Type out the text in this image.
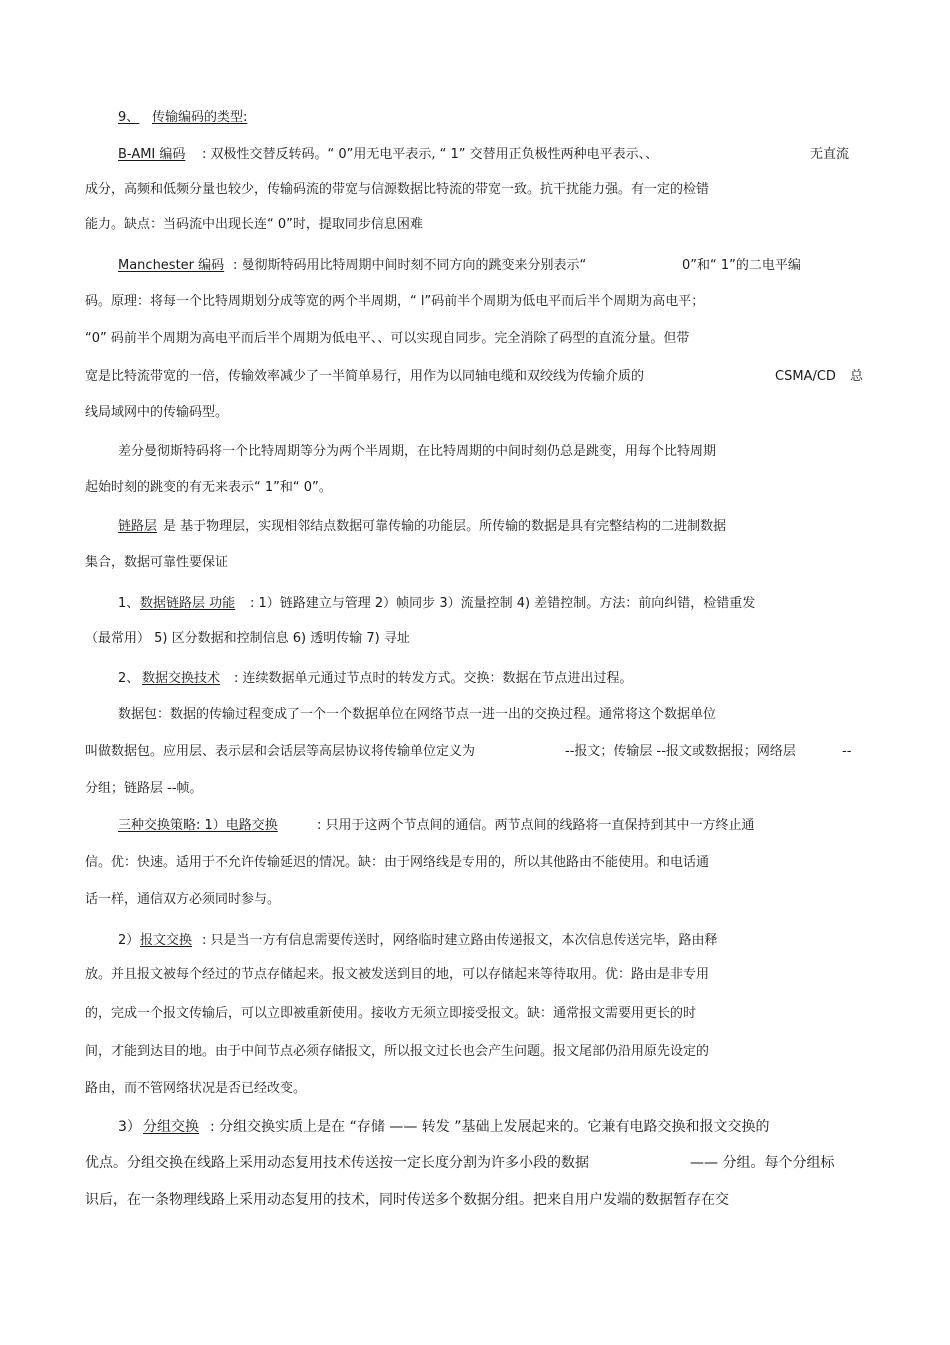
9、 传输编码的类型:
B-AMI 编码 : 双极性交替反转码。“ 0”用无电平表示, “ 1” 交替用正负极性两种电平表示、、	无直流
成分，高频和低频分量也较少，传输码流的带宽与信源数据比特流的带宽一致。抗干扰能力强。有一定的检错
能力。缺点：当码流中出现长连“ 0”时，提取同步信息困难
Manchester 编码 : 曼彻斯特码用比特周期中间时刻不同方向的跳变来分别表示“	0”和“ 1”的二电平编
码。原理：将每一个比特周期划分成等宽的两个半周期，“ l”码前半个周期为低电平而后半个周期为高电平；
“0” 码前半个周期为高电平而后半个周期为低电平、、可以实现自同步。完全消除了码型的直流分量。但带
宽是比特流带宽的一倍，传输效率减少了一半简单易行，用作为以同轴电缆和双绞线为传输介质的	CSMA/CD 总
线局域网中的传输码型。
差分曼彻斯特码将一个比特周期等分为两个半周期，在比特周期的中间时刻仍总是跳变，用每个比特周期
起始时刻的跳变的有无来表示“ 1”和“ 0”。
链路层 是 基于物理层，实现相邻结点数据可靠传输的功能层。所传输的数据是具有完整结构的二进制数据
集合，数据可靠性要保证
1、 数据链路层 功能 : 1）链路建立与管理 2）帧同步 3）流量控制 4) 差错控制。方法：前向纠错，检错重发
（最常用） 5) 区分数据和控制信息 6) 透明传输 7) 寻址
2、 数据交换技术 : 连续数据单元通过节点时的转发方式。交换：数据在节点进出过程。
数据包：数据的传输过程变成了一个一个数据单位在网络节点一进一出的交换过程。通常将这个数据单位
叫做数据包。应用层、表示层和会话层等高层协议将传输单位定义为	--报文；传输层 --报文或数据报；网络层	--
分组；链路层 --帧。
三种交换策略: 1）电路交换	: 只用于这两个节点间的通信。两节点间的线路将一直保持到其中一方终止通
信。优：快速。适用于不允许传输延迟的情况。缺：由于网络线是专用的，所以其他路由不能使用。和电话通
话一样，通信双方必须同时参与。
2） 报文交换 : 只是当一方有信息需要传送时，网络临时建立路由传递报文，本次信息传送完毕，路由释
放。并且报文被每个经过的节点存储起来。报文被发送到目的地，可以存储起来等待取用。优：路由是非专用
的，完成一个报文传输后，可以立即被重新使用。接收方无须立即接受报文。缺：通常报文需要用更长的时
间，才能到达目的地。由于中间节点必须存储报文，所以报文过长也会产生问题。报文尾部仍沿用原先设定的
路由，而不管网络状况是否已经改变。
3） 分组交换 : 分组交换实质上是在 “存储 —— 转发 ”基础上发展起来的。它兼有电路交换和报文交换的
优点。分组交换在线路上采用动态复用技术传送按一定长度分割为许多小段的数据	—— 分组。每个分组标
识后，在一条物理线路上采用动态复用的技术，同时传送多个数据分组。把来自用户发端的数据暂存在交
